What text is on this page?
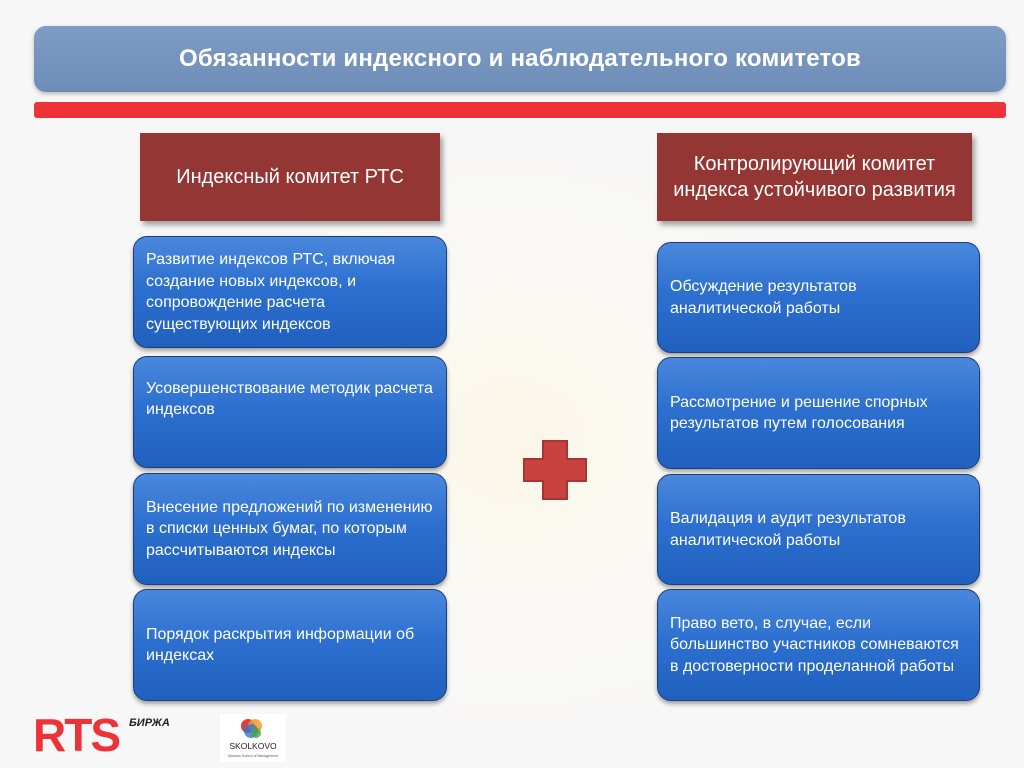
Обязанности индексного и наблюдательного комитетов
Индексный комитет РТС
Контролирующий комитет индекса устойчивого развития
Развитие индексов РТС, включая создание новых индексов, и сопровождение расчета существующих индексов
Усовершенствование методик расчета индексов
Внесение предложений по изменению в списки ценных бумаг, по которым рассчитываются индексы
Порядок раскрытия информации об индексах
Обсуждение результатов аналитической работы
Рассмотрение и решение спорных результатов путем голосования
Валидация и аудит результатов аналитической работы
Право вето, в случае, если большинство участников сомневаются в достоверности проделанной работы
RTS БИРЖА
SKOLKOVO
Moscow School of Management
